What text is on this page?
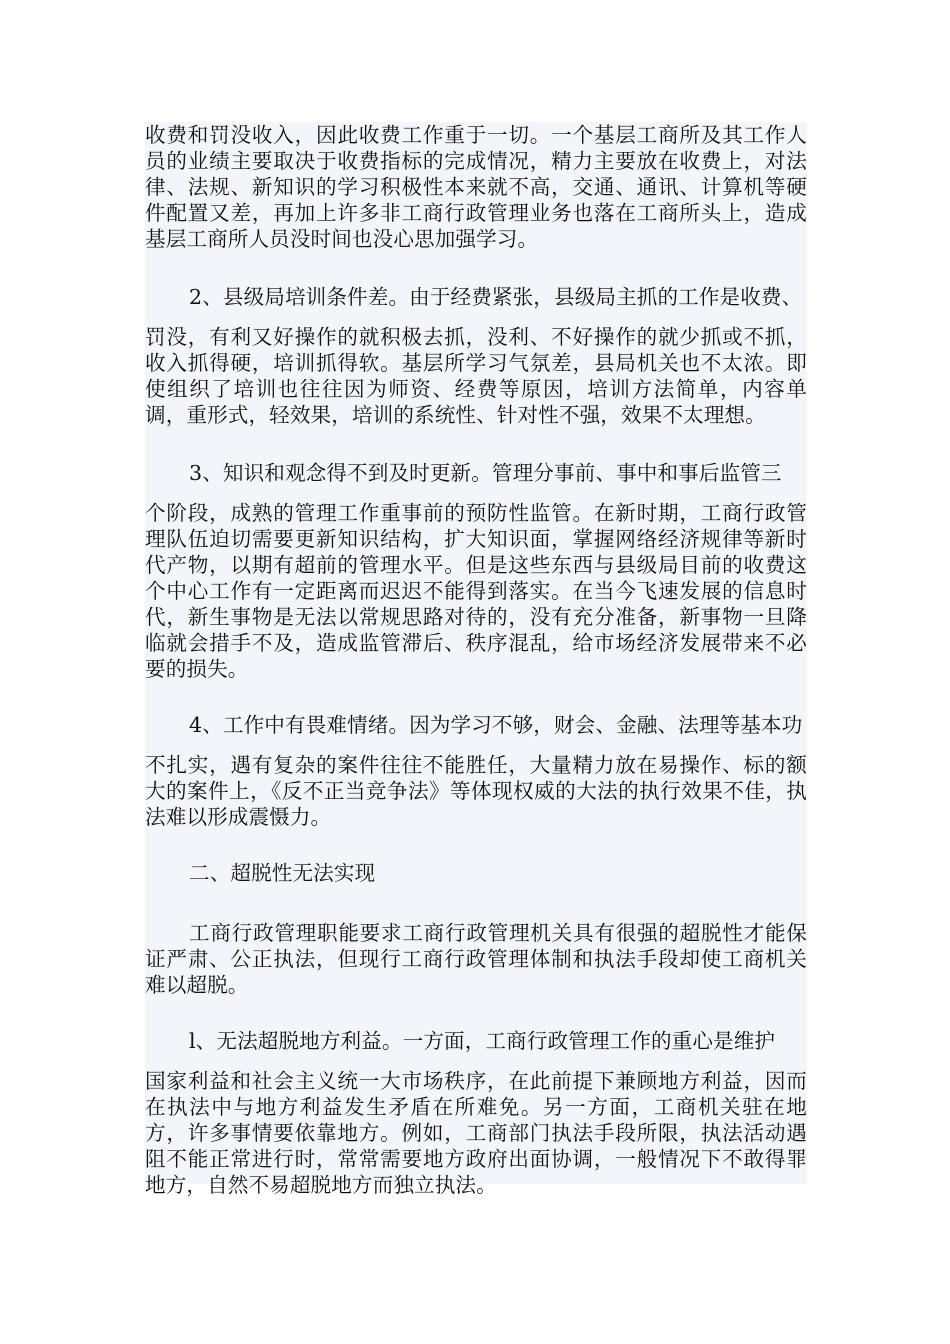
收费和罚没收入，因此收费工作重于一切。一个基层工商所及其工作人员的业绩主要取决于收费指标的完成情况，精力主要放在收费上，对法律、法规、新知识的学习积极性本来就不高，交通、通讯、计算机等硬件配置又差，再加上许多非工商行政管理业务也落在工商所头上，造成基层工商所人员没时间也没心思加强学习。

2、县级局培训条件差。由于经费紧张，县级局主抓的工作是收费、

罚没，有利又好操作的就积极去抓，没利、不好操作的就少抓或不抓，收入抓得硬，培训抓得软。基层所学习气氛差，县局机关也不太浓。即使组织了培训也往往因为师资、经费等原因，培训方法简单，内容单调，重形式，轻效果，培训的系统性、针对性不强，效果不太理想。

3、知识和观念得不到及时更新。管理分事前、事中和事后监管三

个阶段，成熟的管理工作重事前的预防性监管。在新时期，工商行政管理队伍迫切需要更新知识结构，扩大知识面，掌握网络经济规律等新时代产物，以期有超前的管理水平。但是这些东西与县级局目前的收费这个中心工作有一定距离而迟迟不能得到落实。在当今飞速发展的信息时代，新生事物是无法以常规思路对待的，没有充分准备，新事物一旦降临就会措手不及，造成监管滞后、秩序混乱，给市场经济发展带来不必要的损失。

4、工作中有畏难情绪。因为学习不够，财会、金融、法理等基本功

不扎实，遇有复杂的案件往往不能胜任，大量精力放在易操作、标的额大的案件上，《反不正当竞争法》等体现权威的大法的执行效果不佳，执法难以形成震慑力。

二、超脱性无法实现

工商行政管理职能要求工商行政管理机关具有很强的超脱性才能保证严肃、公正执法，但现行工商行政管理体制和执法手段却使工商机关难以超脱。

l、无法超脱地方利益。一方面，工商行政管理工作的重心是维护

国家利益和社会主义统一大市场秩序，在此前提下兼顾地方利益，因而在执法中与地方利益发生矛盾在所难免。另一方面，工商机关驻在地方，许多事情要依靠地方。例如，工商部门执法手段所限，执法活动遇阻不能正常进行时，常常需要地方政府出面协调，一般情况下不敢得罪地方，自然不易超脱地方而独立执法。
